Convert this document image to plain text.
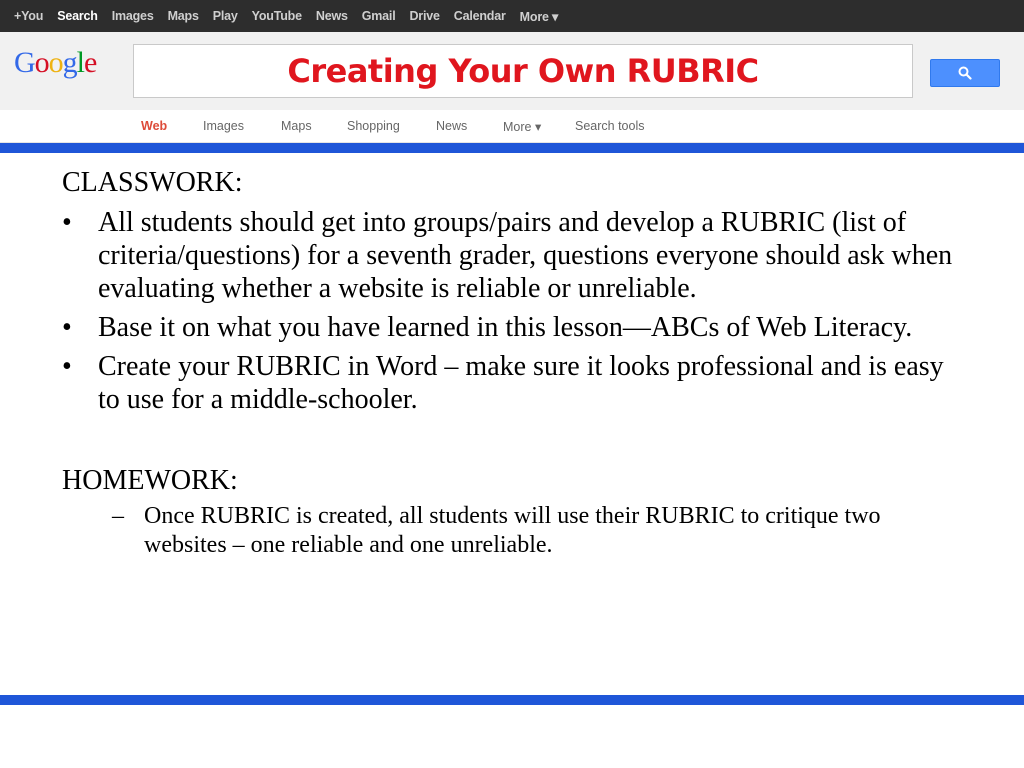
+You Search Images Maps Play YouTube News Gmail Drive Calendar More ▾
Google	Creating Your Own RUBRIC
Web	Images	Maps	Shopping	News	More ▾	Search tools
CLASSWORK:
• All students should get into groups/pairs and develop a RUBRIC (list of criteria/questions) for a seventh grader, questions everyone should ask when evaluating whether a website is reliable or unreliable.
• Base it on what you have learned in this lesson—ABCs of Web Literacy.
• Create your RUBRIC in Word – make sure it looks professional and is easy to use for a middle-schooler.
HOMEWORK:
– Once RUBRIC is created, all students will use their RUBRIC to critique two websites – one reliable and one unreliable.
